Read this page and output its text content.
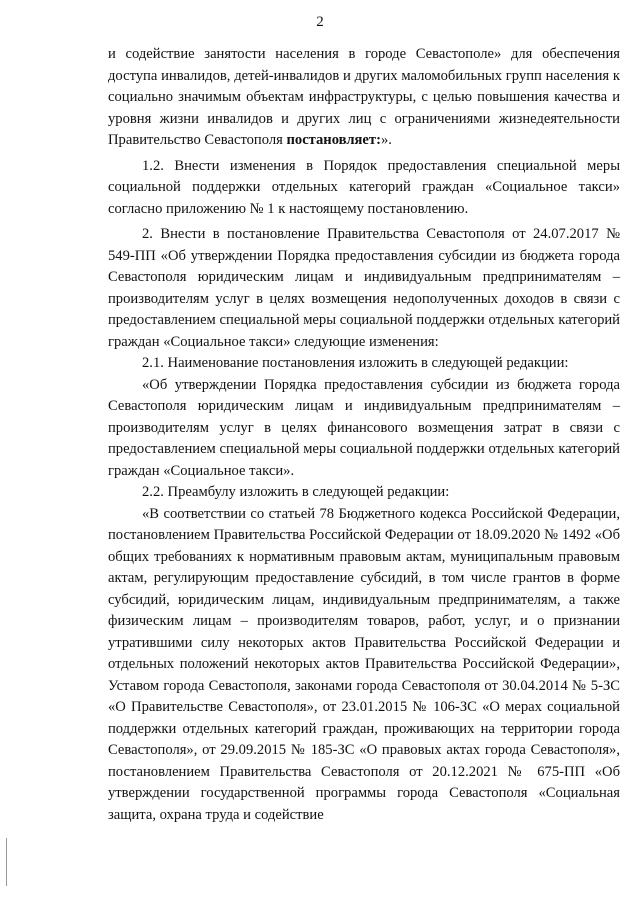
2

и содействие занятости населения в городе Севастополе» для обеспечения доступа инвалидов, детей-инвалидов и других маломобильных групп населения к социально значимым объектам инфраструктуры, с целью повышения качества и уровня жизни инвалидов и других лиц с ограничениями жизнедеятельности Правительство Севастополя постановляет:».

1.2. Внести изменения в Порядок предоставления специальной меры социальной поддержки отдельных категорий граждан «Социальное такси» согласно приложению № 1 к настоящему постановлению.

2. Внести в постановление Правительства Севастополя от 24.07.2017 № 549-ПП «Об утверждении Порядка предоставления субсидии из бюджета города Севастополя юридическим лицам и индивидуальным предпринимателям – производителям услуг в целях возмещения недополученных доходов в связи с предоставлением специальной меры социальной поддержки отдельных категорий граждан «Социальное такси» следующие изменения:

2.1. Наименование постановления изложить в следующей редакции:

«Об утверждении Порядка предоставления субсидии из бюджета города Севастополя юридическим лицам и индивидуальным предпринимателям – производителям услуг в целях финансового возмещения затрат в связи с предоставлением специальной меры социальной поддержки отдельных категорий граждан «Социальное такси».

2.2. Преамбулу изложить в следующей редакции:

«В соответствии со статьей 78 Бюджетного кодекса Российской Федерации, постановлением Правительства Российской Федерации от 18.09.2020 № 1492 «Об общих требованиях к нормативным правовым актам, муниципальным правовым актам, регулирующим предоставление субсидий, в том числе грантов в форме субсидий, юридическим лицам, индивидуальным предпринимателям, а также физическим лицам – производителям товаров, работ, услуг, и о признании утратившими силу некоторых актов Правительства Российской Федерации и отдельных положений некоторых актов Правительства Российской Федерации», Уставом города Севастополя, законами города Севастополя от 30.04.2014 № 5-ЗС «О Правительстве Севастополя», от 23.01.2015 № 106-ЗС «О мерах социальной поддержки отдельных категорий граждан, проживающих на территории города Севастополя», от 29.09.2015 № 185-ЗС «О правовых актах города Севастополя», постановлением Правительства Севастополя от 20.12.2021 № 675-ПП «Об утверждении государственной программы города Севастополя «Социальная защита, охрана труда и содействие
